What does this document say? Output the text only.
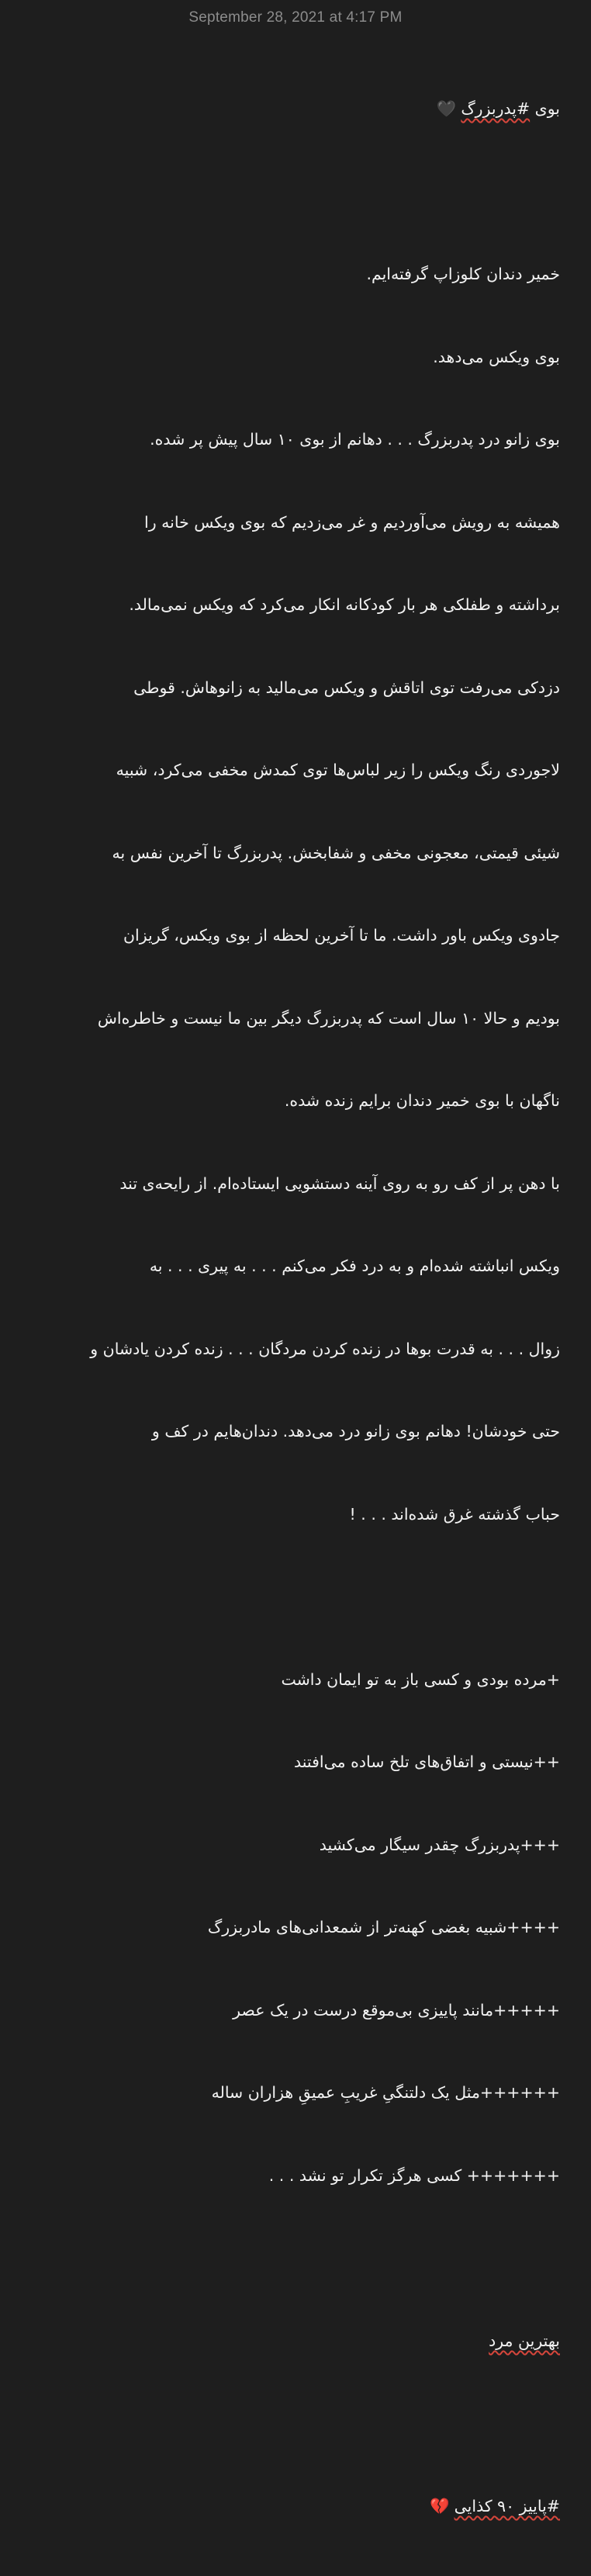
September 28, 2021 at 4:17 PM

بوی #پدربزرگ🖤

خمیر دندان کلوزاپ گرفته‌ایم.

بوی ویکس می‌دهد.

بوی زانو درد پدربزرگ . . . دهانم از بوی ۱۰ سال پیش پر شده.

همیشه به رویش می‌آوردیم و غر می‌زدیم که بوی ویکس خانه را

برداشته و طفلکی هر بار کودکانه انکار می‌کرد که ویکس نمی‌مالد.

دزدکی می‌رفت توی اتاقش و ویکس می‌مالید به زانوهاش. قوطی

لاجوردی رنگ ویکس را زیر لباس‌ها توی کمدش مخفی می‌کرد، شبیه

شیئی قیمتی، معجونی مخفی و شفابخش. پدربزرگ تا آخرین نفس به

جادوی ویکس باور داشت. ما تا آخرین لحظه از بوی ویکس، گریزان

بودیم و حالا ۱۰ سال است که پدربزرگ دیگر بین ما نیست و خاطره‌اش

ناگهان با بوی خمیر دندان برایم زنده شده.

با دهن پر از کف رو به روی آینه دستشویی ایستاده‌ام. از رایحه‌ی تند

ویکس انباشته شده‌ام و به درد فکر می‌کنم . . . به پیری . . . به

زوال . . . به قدرت بوها در زنده کردن مردگان . . . زنده کردن یادشان و

حتی خودشان! دهانم بوی زانو درد می‌دهد. دندان‌هایم در کف و

حباب گذشته غرق شده‌اند . . . !

+مرده بودی و کسی باز به تو ایمان داشت

++نیستی و اتفاق‌های تلخ ساده می‌افتند

+++پدربزرگ چقدر سیگار می‌کشید

++++شبیه بغضی کهنه‌تر از شمعدانی‌های مادربزرگ

+++++مانند پاییزی بی‌موقع درست در یک عصر

++++++مثل یک دلتنگیِ غریبِ عمیقِ هزاران ساله

+++++++ کسی هرگز تکرار تو نشد . . .

بهترین مرد

#پاییز ۹۰ کذایی💔
